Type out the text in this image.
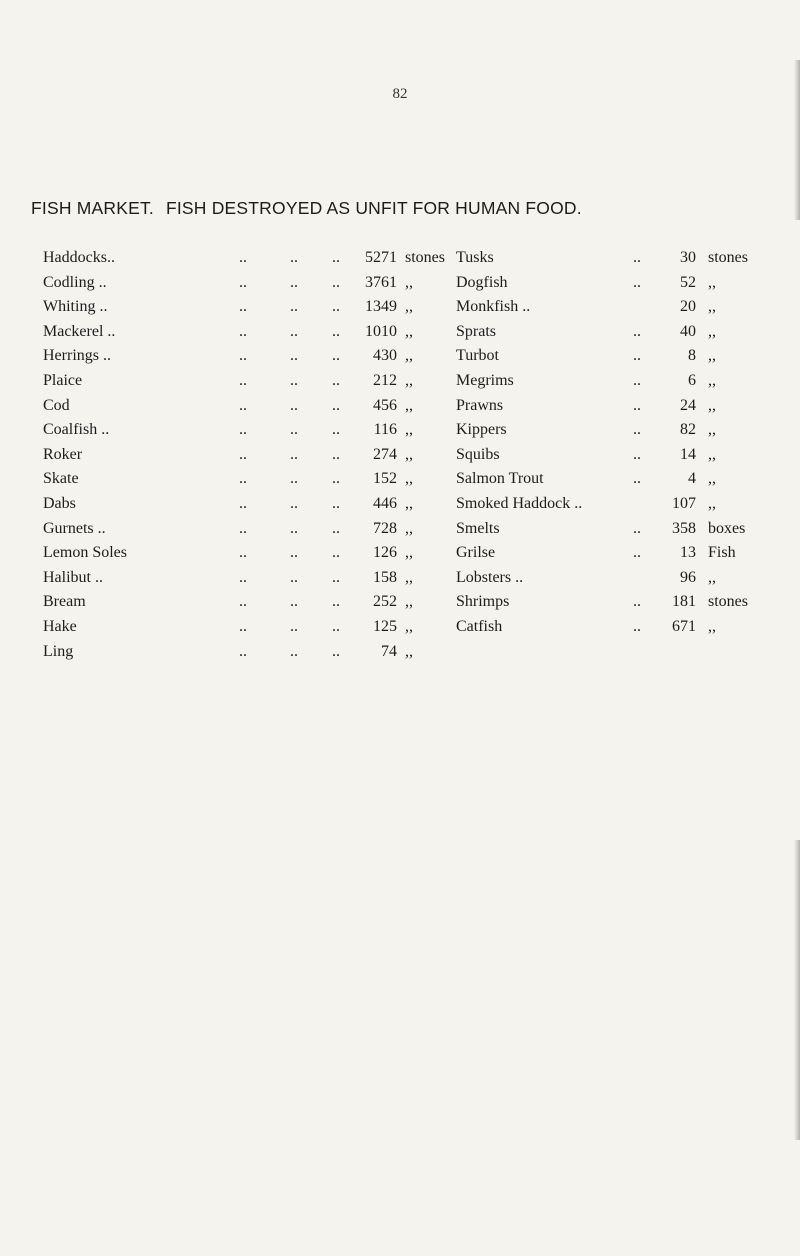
82
FISH MARKET. FISH DESTROYED AS UNFIT FOR HUMAN FOOD.
Haddocks..	..	.. .. 5271 stones Tusks	..	30 stones
Codling ..	..	.. .. 3761 ,,	Dogfish	..	52 ,,
Whiting ..	..	.. .. 1349 ,,	Monkfish ..	20 ,,
Mackerel ..	..	.. .. 1010 ,,	Sprats	..	40 ,,
Herrings ..	..	.. ..	430 ,,	Turbot	..	8 ,,
Plaice	..	.. ..	212 ,,	Megrims	..	6 ,,
Cod	..	.. ..	456 ,,	Prawns	..	24 ,,
Coalfish ..	..	.. ..	116 ,,	Kippers	..	82 ,,
Roker	..	.. ..	274 ,,	Squibs	..	14 ,,
Skate	..	.. ..	152 ,,	Salmon Trout	..	4 ,,
Dabs	..	.. ..	446 ,,	Smoked Haddock ..	107 ,,
Gurnets ..	..	.. ..	728 ,,	Smelts	..	358 boxes
Lemon Soles	..	.. ..	126 ,,	Grilse	..	13 Fish
Halibut ..	..	.. ..	158 ,,	Lobsters ..	96 ,,
Bream	..	.. ..	252 ,,	Shrimps	..	181 stones
Hake	..	.. ..	125 ,,	Catfish	..	671 ,,
Ling	..	.. ..	74 ,,
